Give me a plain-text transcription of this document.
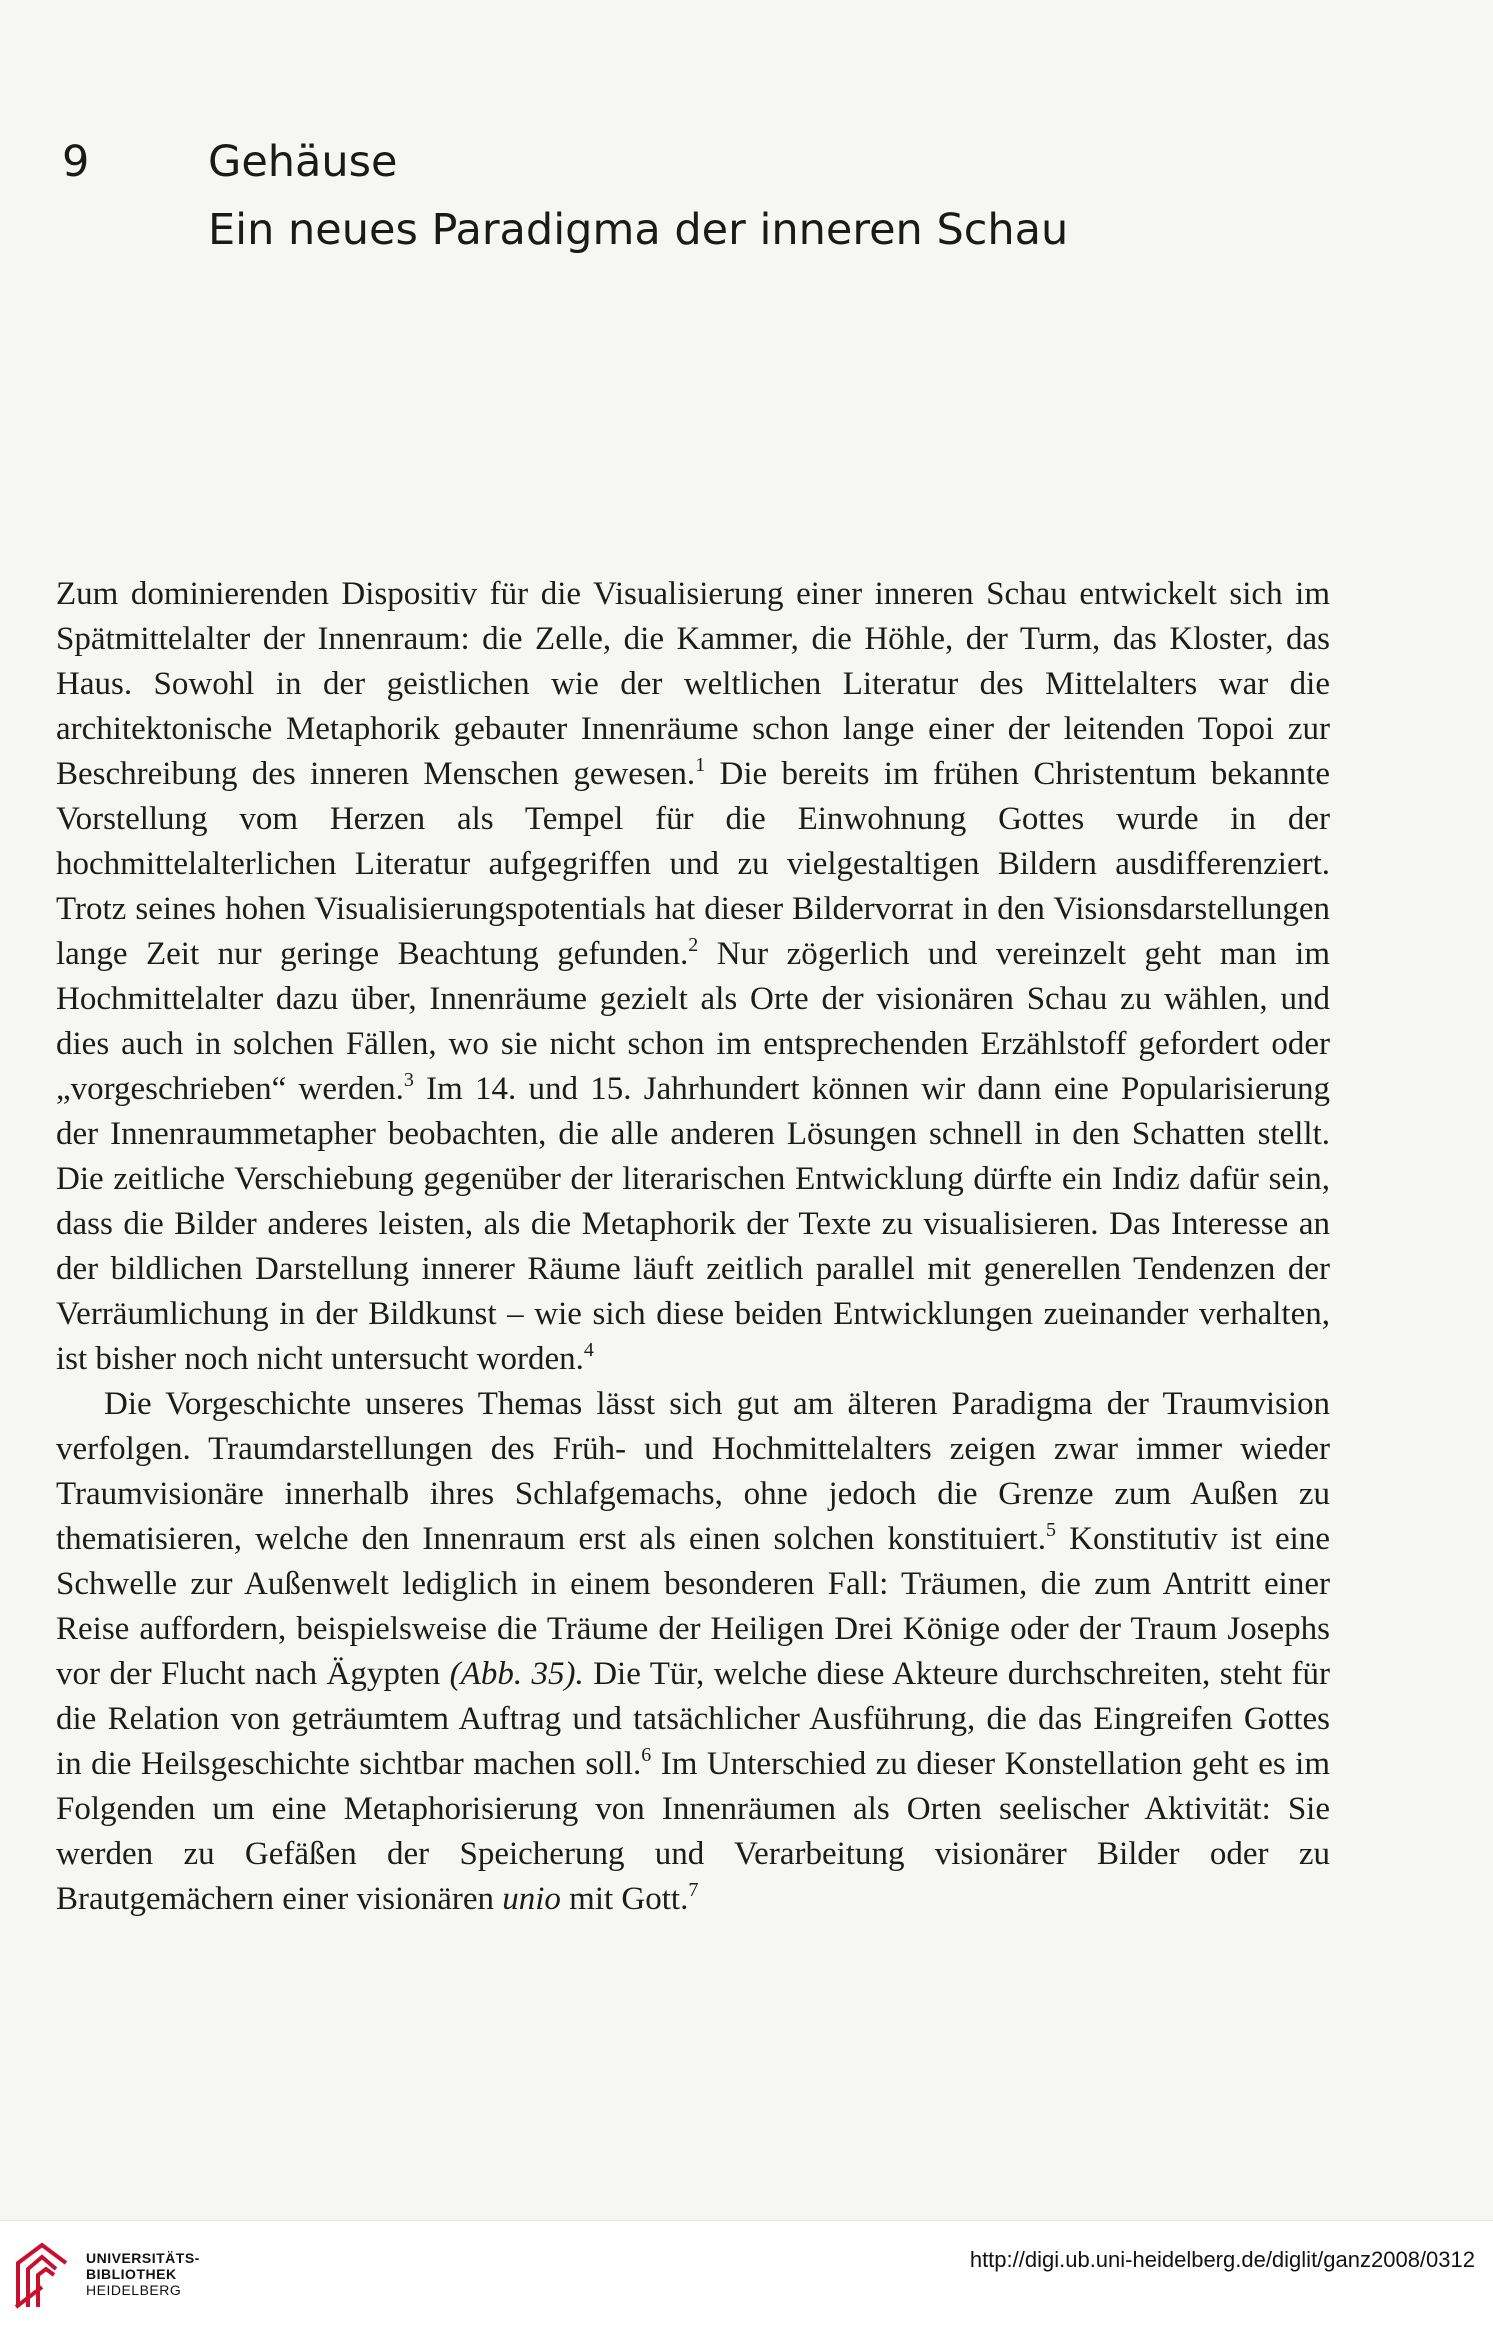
9	Gehäuse
Ein neues Paradigma der inneren Schau

Zum dominierenden Dispositiv für die Visualisierung einer inneren Schau entwickelt sich im Spätmittelalter der Innenraum: die Zelle, die Kammer, die Höhle, der Turm, das Kloster, das Haus. Sowohl in der geistlichen wie der weltlichen Literatur des Mittelalters war die architektonische Metaphorik gebauter Innenräume schon lange einer der leitenden Topoi zur Beschreibung des inneren Menschen gewesen.$^1$ Die bereits im frühen Christentum bekannte Vorstellung vom Herzen als Tempel für die Einwohnung Gottes wurde in der hochmittelalterlichen Literatur aufgegriffen und zu vielgestaltigen Bildern ausdifferenziert. Trotz seines hohen Visualisierungspotentials hat dieser Bildervorrat in den Visionsdarstellungen lange Zeit nur geringe Beachtung gefunden.$^2$ Nur zögerlich und vereinzelt geht man im Hochmittelalter dazu über, Innenräume gezielt als Orte der visionären Schau zu wählen, und dies auch in solchen Fällen, wo sie nicht schon im entsprechenden Erzählstoff gefordert oder „vorgeschrieben“ werden.$^3$ Im 14. und 15. Jahrhundert können wir dann eine Popularisierung der Innenraummetapher beobachten, die alle anderen Lösungen schnell in den Schatten stellt. Die zeitliche Verschiebung gegenüber der literarischen Entwicklung dürfte ein Indiz dafür sein, dass die Bilder anderes leisten, als die Metaphorik der Texte zu visualisieren. Das Interesse an der bildlichen Darstellung innerer Räume läuft zeitlich parallel mit generellen Tendenzen der Verräumlichung in der Bildkunst – wie sich diese beiden Entwicklungen zueinander verhalten, ist bisher noch nicht untersucht worden.$^4$

Die Vorgeschichte unseres Themas lässt sich gut am älteren Paradigma der Traumvision verfolgen. Traumdarstellungen des Früh- und Hochmittelalters zeigen zwar immer wieder Traumvisionäre innerhalb ihres Schlafgemachs, ohne jedoch die Grenze zum Außen zu thematisieren, welche den Innenraum erst als einen solchen konstituiert.$^5$ Konstitutiv ist eine Schwelle zur Außenwelt lediglich in einem besonderen Fall: Träumen, die zum Antritt einer Reise auffordern, beispielsweise die Träume der Heiligen Drei Könige oder der Traum Josephs vor der Flucht nach Ägypten (Abb. 35). Die Tür, welche diese Akteure durchschreiten, steht für die Relation von geträumtem Auftrag und tatsächlicher Ausführung, die das Eingreifen Gottes in die Heilsgeschichte sichtbar machen soll.$^6$ Im Unterschied zu dieser Konstellation geht es im Folgenden um eine Metaphorisierung von Innenräumen als Orten seelischer Aktivität: Sie werden zu Gefäßen der Speicherung und Verarbeitung visionärer Bilder oder zu Brautgemächern einer visionären unio mit Gott.$^7$

UNIVERSITÄTS-
BIBLIOTHEK
HEIDELBERG
http://digi.ub.uni-heidelberg.de/diglit/ganz2008/0312
